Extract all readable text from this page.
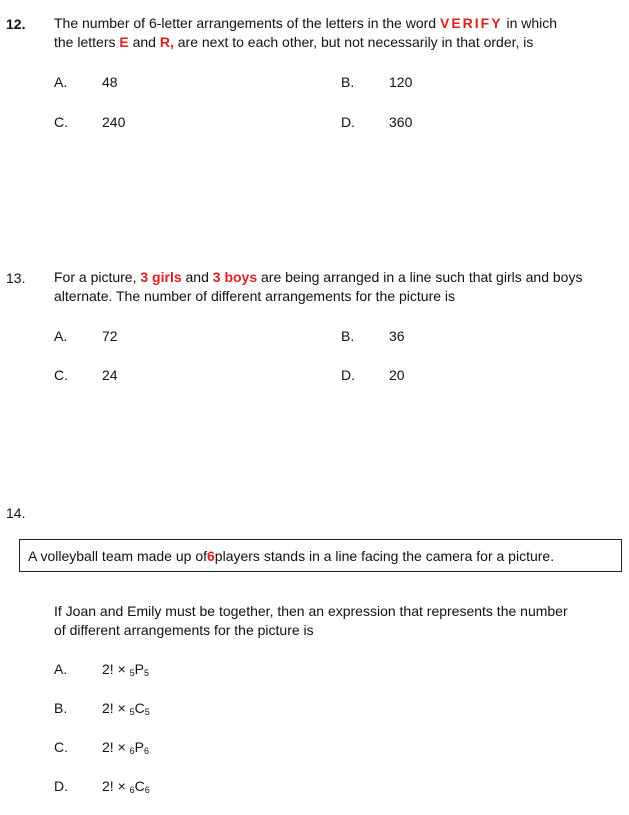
12. The number of 6-letter arrangements of the letters in the word VERIFY in which
the letters E and R, are next to each other, but not necessarily in that order, is
A. 48	B. 120
C. 240	D. 360
13. For a picture, 3 girls and 3 boys are being arranged in a line such that girls and boys
alternate. The number of different arrangements for the picture is
A. 72	B. 36
C. 24	D. 20
14.
A volleyball team made up of 6 players stands in a line facing the camera for a picture.
If Joan and Emily must be together, then an expression that represents the number
of different arrangements for the picture is
A. 2! × $_5P_5$
B. 2! × $_5C_5$
C. 2! × $_6P_6$
D. 2! × $_6C_6$
